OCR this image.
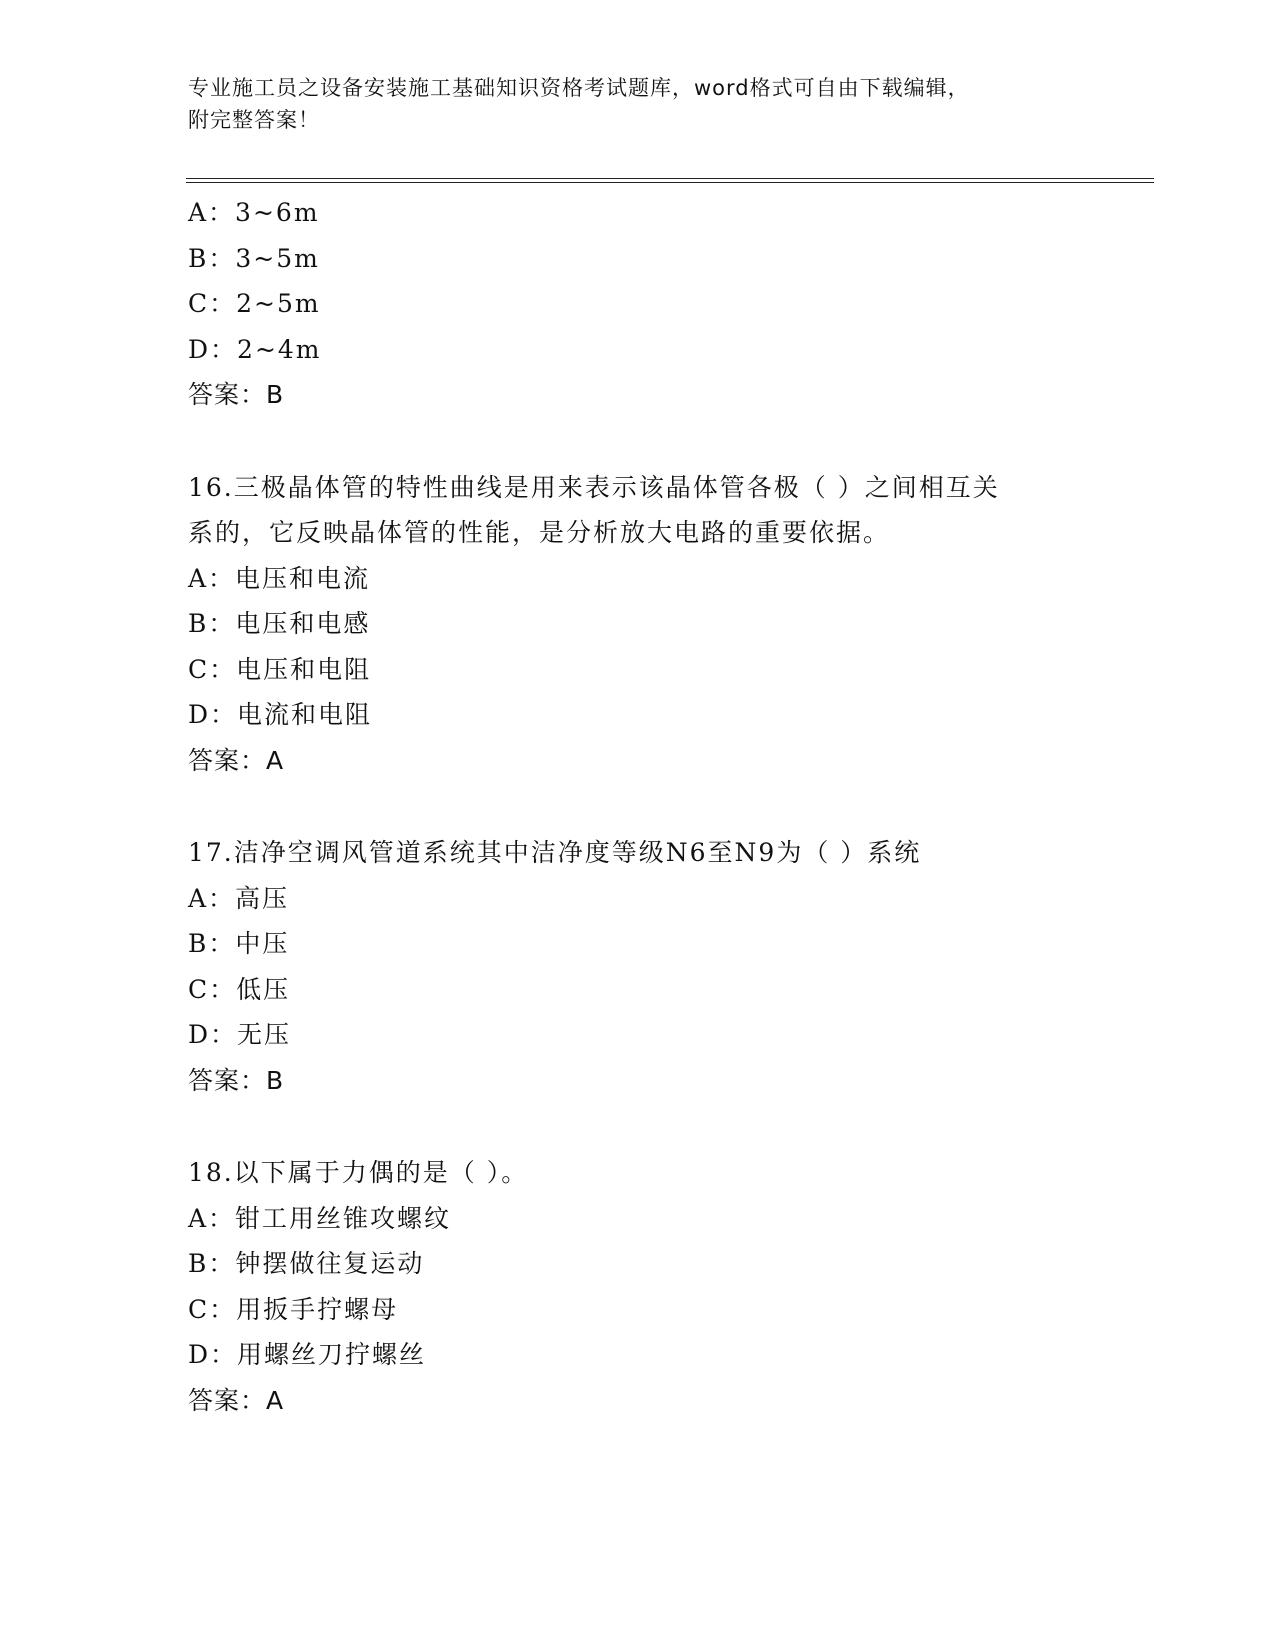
专业施工员之设备安装施工基础知识资格考试题库，word格式可自由下载编辑，
附完整答案！
A：3~6m
B：3~5m
C：2~5m
D：2~4m
答案：B
16.三极晶体管的特性曲线是用来表示该晶体管各极（ ）之间相互关
系的，它反映晶体管的性能，是分析放大电路的重要依据。
A：电压和电流
B：电压和电感
C：电压和电阻
D：电流和电阻
答案：A
17.洁净空调风管道系统其中洁净度等级N6至N9为（ ）系统
A：高压
B：中压
C：低压
D：无压
答案：B
18.以下属于力偶的是（ ）。
A：钳工用丝锥攻螺纹
B：钟摆做往复运动
C：用扳手拧螺母
D：用螺丝刀拧螺丝
答案：A
